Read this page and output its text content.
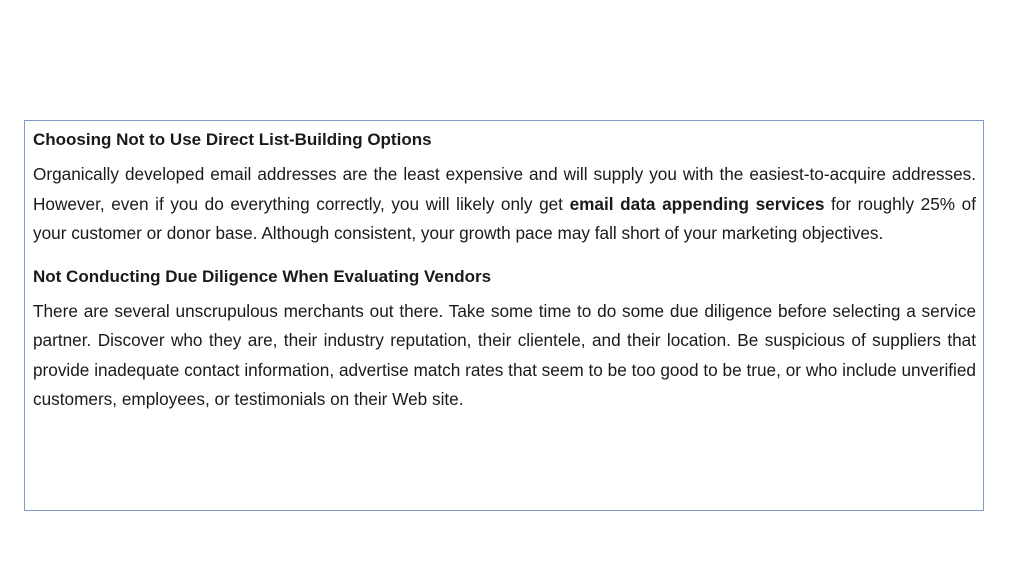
Choosing Not to Use Direct List-Building Options

Organically developed email addresses are the least expensive and will supply you with the easiest-to-acquire addresses. However, even if you do everything correctly, you will likely only get email data appending services for roughly 25% of your customer or donor base. Although consistent, your growth pace may fall short of your marketing objectives.

Not Conducting Due Diligence When Evaluating Vendors

There are several unscrupulous merchants out there. Take some time to do some due diligence before selecting a service partner. Discover who they are, their industry reputation, their clientele, and their location. Be suspicious of suppliers that provide inadequate contact information, advertise match rates that seem to be too good to be true, or who include unverified customers, employees, or testimonials on their Web site.
